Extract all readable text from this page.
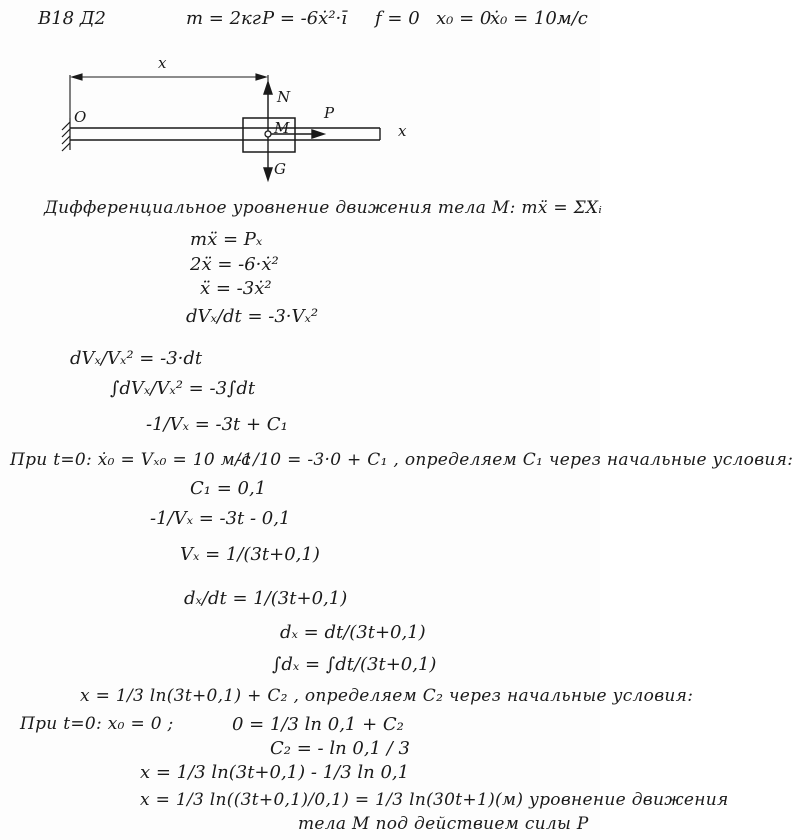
В18 Д2	m = 2кг P = -6ẋ²·ī f = 0 x₀ = 0
ẋ₀ = 10м/с
x
O
M
N
P
G
x
Дифференциальное уровнение движения тела M: mẍ = ΣXᵢ
mẍ = Pₓ
2ẍ = -6·ẋ²
ẍ = -3ẋ²
dVₓ/dt = -3·Vₓ²
dVₓ/Vₓ² = -3·dt
∫dVₓ/Vₓ² = -3∫dt
-1/Vₓ = -3t + C₁
При t=0: ẋ₀ = Vₓ₀ = 10 м/с
-1/10 = -3·0 + C₁ , определяем C₁ через начальные условия:
C₁ = 0,1
-1/Vₓ = -3t - 0,1
Vₓ = 1/(3t+0,1)
dₓ/dt = 1/(3t+0,1)
dₓ = dt/(3t+0,1)
∫dₓ = ∫dt/(3t+0,1)
x = 1/3 ln(3t+0,1) + C₂ , определяем C₂ через начальные условия:
При t=0: x₀ = 0 ;	0 = 1/3 ln 0,1 + C₂
C₂ = - ln 0,1 / 3
x = 1/3 ln(3t+0,1) - 1/3 ln 0,1
x = 1/3 ln((3t+0,1)/0,1) = 1/3 ln(30t+1)(м) уровнение движения
тела M под действием силы P
